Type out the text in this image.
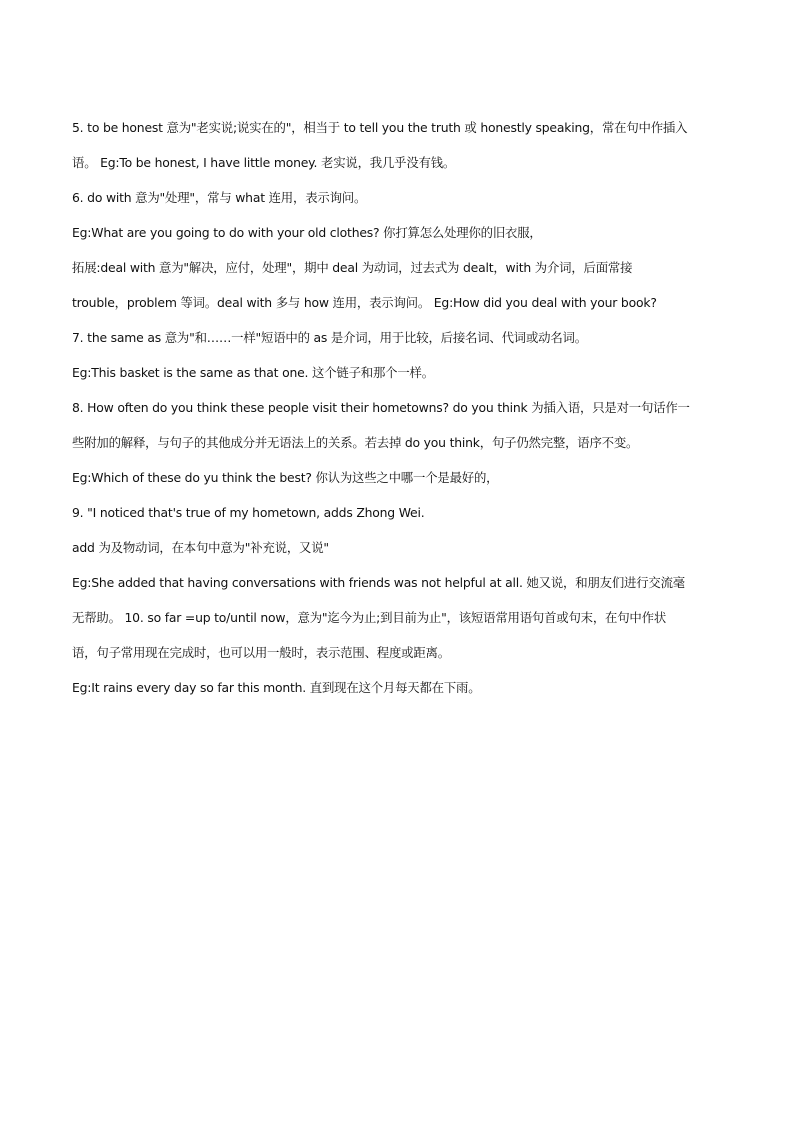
5. to be honest 意为"老实说;说实在的"，相当于 to tell you the truth 或 honestly speaking，常在句中作插入
语。 Eg:To be honest, I have little money. 老实说，我几乎没有钱。
6. do with 意为"处理"，常与 what 连用，表示询问。
Eg:What are you going to do with your old clothes? 你打算怎么处理你的旧衣服，
拓展:deal with 意为"解决，应付，处理"，期中 deal 为动词，过去式为 dealt，with 为介词，后面常接
trouble，problem 等词。deal with 多与 how 连用，表示询问。 Eg:How did you deal with your book?
7. the same as 意为"和……一样"短语中的 as 是介词，用于比较，后接名词、代词或动名词。
Eg:This basket is the same as that one. 这个链子和那个一样。
8. How often do you think these people visit their hometowns? do you think 为插入语，只是对一句话作一
些附加的解释，与句子的其他成分并无语法上的关系。若去掉 do you think，句子仍然完整，语序不变。
Eg:Which of these do yu think the best? 你认为这些之中哪一个是最好的，
9. "I noticed that's true of my hometown, adds Zhong Wei.
add 为及物动词，在本句中意为"补充说，又说"
Eg:She added that having conversations with friends was not helpful at all. 她又说，和朋友们进行交流毫
无帮助。 10. so far =up to/until now，意为"迄今为止;到目前为止"，该短语常用语句首或句末，在句中作状
语，句子常用现在完成时，也可以用一般时，表示范围、程度或距离。
Eg:It rains every day so far this month. 直到现在这个月每天都在下雨。
